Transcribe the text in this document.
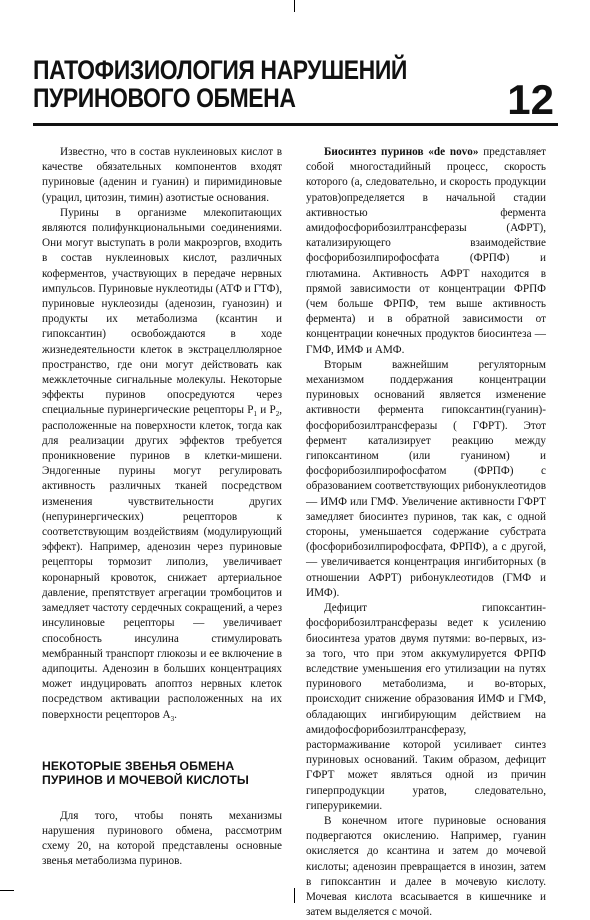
ПАТОФИЗИОЛОГИЯ НАРУШЕНИЙ
ПУРИНОВОГО ОБМЕНА	12

Известно, что в состав нуклеиновых кислот в качестве обязательных компонентов входят пуриновые (аденин и гуанин) и пиримидиновые (урацил, цитозин, тимин) азотистые основания.

Пурины в организме млекопитающих являются полифункциональными соединениями. Они могут выступать в роли макроэргов, входить в состав нуклеиновых кислот, различных коферментов, участвующих в передаче нервных импульсов. Пуриновые нуклеотиды (АТФ и ГТФ), пуриновые нуклеозиды (аденозин, гуанозин) и продукты их метаболизма (ксантин и гипоксантин) освобождаются в ходе жизнедеятельности клеток в экстрацеллюлярное пространство, где они могут действовать как межклеточные сигнальные молекулы. Некоторые эффекты пуринов опосредуются через специальные пуринергические рецепторы $P_1$ и $P_2$, расположенные на поверхности клеток, тогда как для реализации других эффектов требуется проникновение пуринов в клетки-мишени. Эндогенные пурины могут регулировать активность различных тканей посредством изменения чувствительности других (непуринергических) рецепторов к соответствующим воздействиям (модулирующий эффект). Например, аденозин через пуриновые рецепторы тормозит липолиз, увеличивает коронарный кровоток, снижает артериальное давление, препятствует агрегации тромбоцитов и замедляет частоту сердечных сокращений, а через инсулиновые рецепторы — увеличивает способность инсулина стимулировать мембранный транспорт глюкозы и ее включение в адипоциты. Аденозин в больших концентрациях может индуцировать апоптоз нервных клеток посредством активации расположенных на их поверхности рецепторов $A_3$.

НЕКОТОРЫЕ ЗВЕНЬЯ ОБМЕНА
ПУРИНОВ И МОЧЕВОЙ КИСЛОТЫ

Для того, чтобы понять механизмы нарушения пуринового обмена, рассмотрим схему 20, на которой представлены основные звенья метаболизма пуринов.

Биосинтез пуринов «de novo» представляет собой многостадийный процесс, скорость которого (а, следовательно, и скорость продукции уратов)определяется в начальной стадии активностью фермента амидофосфорибозилтрансферазы (АФРТ), катализирующего взаимодействие фосфорибозилпирофосфата (ФРПФ) и глютамина. Активность АФРТ находится в прямой зависимости от концентрации ФРПФ (чем больше ФРПФ, тем выше активность фермента) и в обратной зависимости от концентрации конечных продуктов биосинтеза — ГМФ, ИМФ и АМФ.

Вторым важнейшим регуляторным механизмом поддержания концентрации пуриновых оснований является изменение активности фермента гипоксантин(гуанин)-фосфорибозилтрансферазы ( ГФРТ). Этот фермент катализирует реакцию между гипоксантином (или гуанином) и фосфорибозилпирофосфатом (ФРПФ) с образованием соответствующих рибонуклеотидов — ИМФ или ГМФ. Увеличение активности ГФРТ замедляет биосинтез пуринов, так как, с одной стороны, уменьшается содержание субстрата (фосфорибозилпирофосфата, ФРПФ), а с другой, — увеличивается концентрация ингибиторных (в отношении АФРТ) рибонуклеотидов (ГМФ и ИМФ).

Дефицит гипоксантин-фосфорибозилтрансферазы ведет к усилению биосинтеза уратов двумя путями: во-первых, из-за того, что при этом аккумулируется ФРПФ вследствие уменьшения его утилизации на путях пуринового метаболизма, и во-вторых, происходит снижение образования ИМФ и ГМФ, обладающих ингибирующим действием на амидофосфорибозилтрансферазу, растормаживание которой усиливает синтез пуриновых оснований. Таким образом, дефицит ГФРТ может являться одной из причин гиперпродукции уратов, следовательно, гиперурикемии.

В конечном итоге пуриновые основания подвергаются окислению. Например, гуанин окисляется до ксантина и затем до мочевой кислоты; аденозин превращается в инозин, затем в гипоксантин и далее в мочевую кислоту. Мочевая кислота всасывается в кишечнике и затем выделяется с мочой.
